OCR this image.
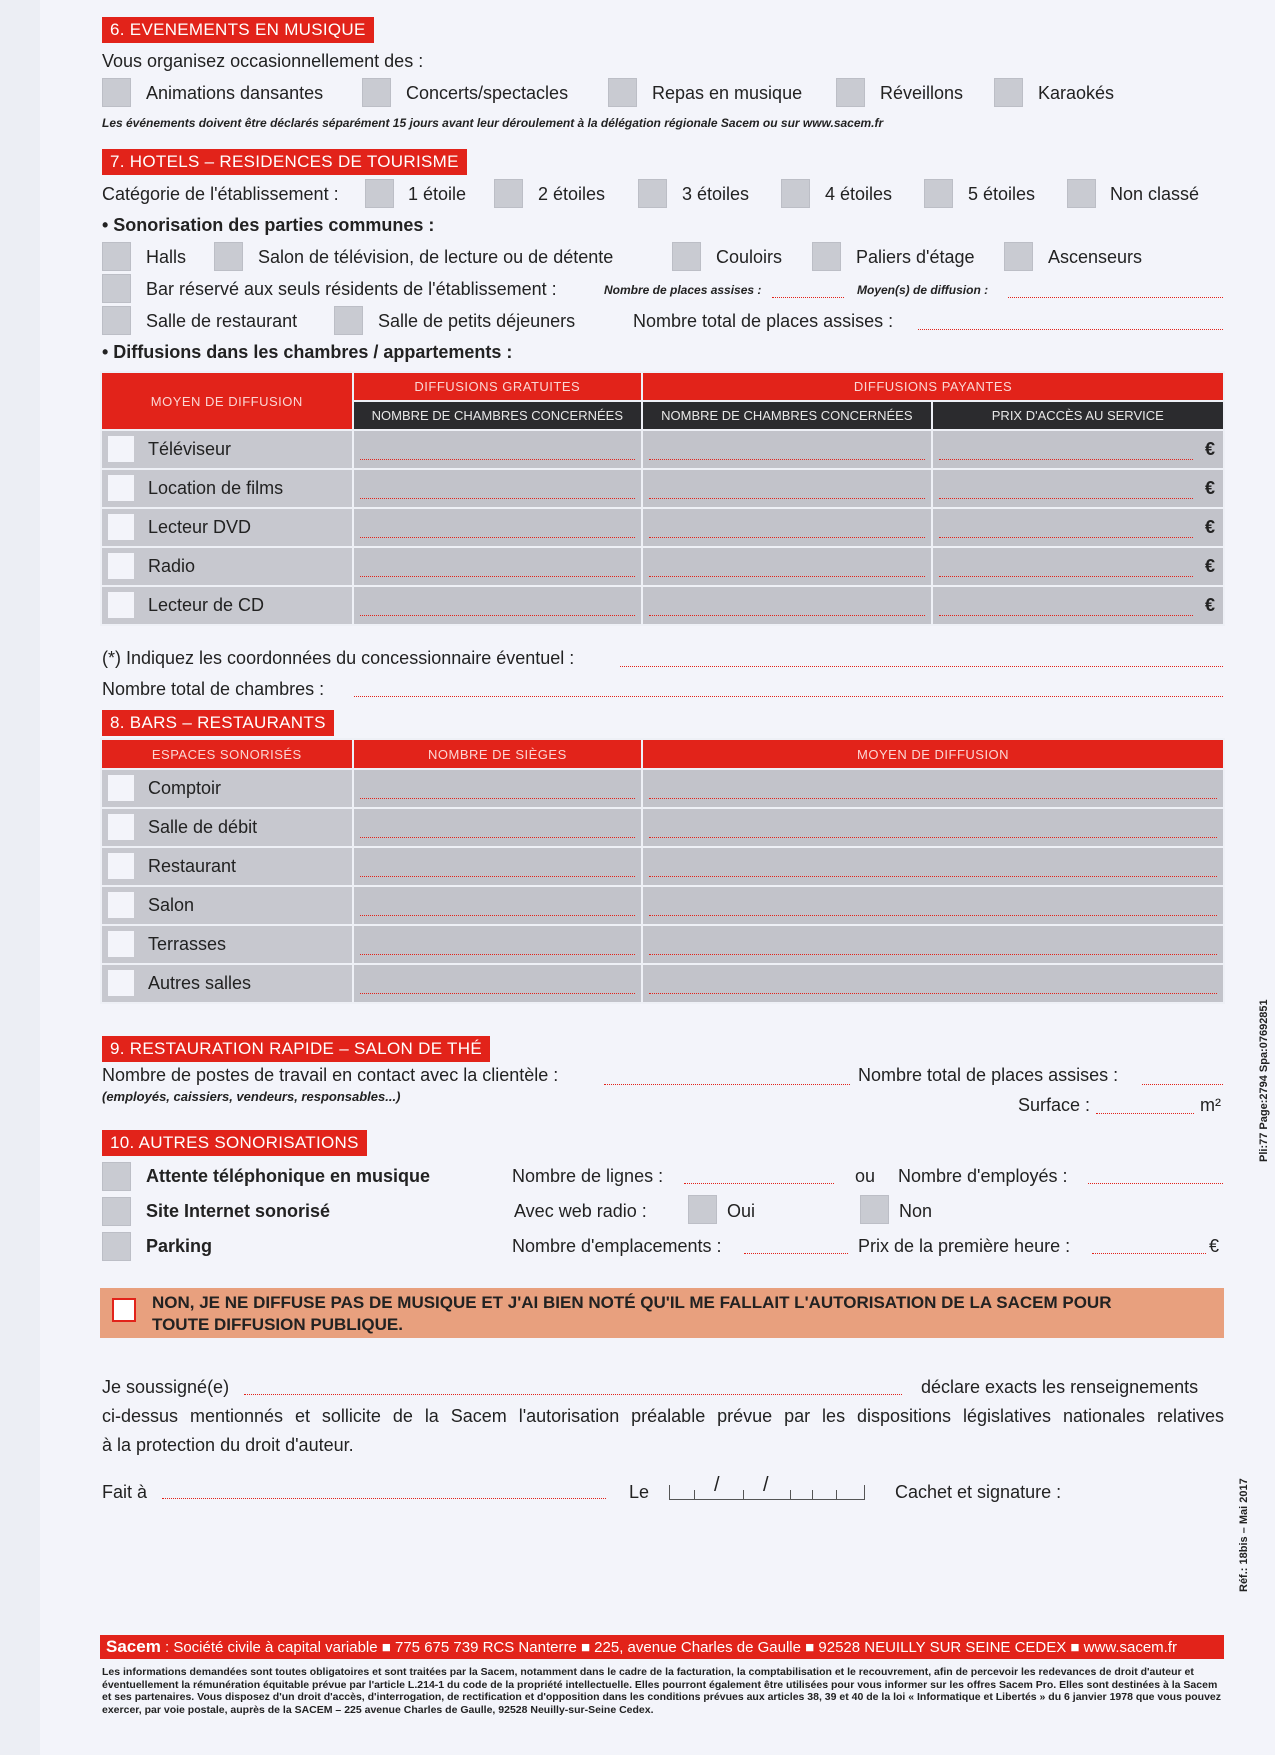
6. EVENEMENTS EN MUSIQUE
Vous organisez occasionnellement des :
Animations dansantes	Concerts/spectacles	Repas en musique	Réveillons	Karaokés
Les événements doivent être déclarés séparément 15 jours avant leur déroulement à la délégation régionale Sacem ou sur www.sacem.fr
7. HOTELS – RESIDENCES DE TOURISME
Catégorie de l'établissement :	1 étoile	2 étoiles	3 étoiles	4 étoiles	5 étoiles	Non classé
• Sonorisation des parties communes :
Halls	Salon de télévision, de lecture ou de détente	Couloirs	Paliers d'étage	Ascenseurs
Bar réservé aux seuls résidents de l'établissement :	Nombre de places assises :	Moyen(s) de diffusion :
Salle de restaurant	Salle de petits déjeuners	Nombre total de places assises :
• Diffusions dans les chambres / appartements :
MOYEN DE DIFFUSION	DIFFUSIONS GRATUITES	DIFFUSIONS PAYANTES	
	NOMBRE DE CHAMBRES CONCERNÉES	NOMBRE DE CHAMBRES CONCERNÉES	PRIX D'ACCÈS AU SERVICE

Téléviseur			€

Location de films			€

Lecteur DVD			€

Radio			€

Lecteur de CD			€
(*) Indiquez les coordonnées du concessionnaire éventuel :
Nombre total de chambres :
8. BARS – RESTAURANTS
ESPACES SONORISÉS	NOMBRE DE SIÈGES	MOYEN DE DIFFUSION

Comptoir		

Salle de débit		

Restaurant		

Salon		

Terrasses		

Autres salles		

9. RESTAURATION RAPIDE – SALON DE THÉ
Nombre de postes de travail en contact avec la clientèle :
(employés, caissiers, vendeurs, responsables...)
Nombre total de places assises :
Surface :	m²
10. AUTRES SONORISATIONS
Attente téléphonique en musique	Nombre de lignes :	ou Nombre d'employés :
Site Internet sonorisé	Avec web radio :	Oui	Non
Parking	Nombre d'emplacements :	Prix de la première heure :	€
NON, JE NE DIFFUSE PAS DE MUSIQUE ET J'AI BIEN NOTÉ QU'IL ME FALLAIT L'AUTORISATION DE LA SACEM POUR TOUTE DIFFUSION PUBLIQUE.
Je soussigné(e)	déclare exacts les renseignements
ci-dessus mentionnés et sollicite de la Sacem l'autorisation préalable prévue par les dispositions législatives nationales relatives
à la protection du droit d'auteur.
Fait à	Le	/ /	Cachet et signature :
Sacem : Société civile à capital variable ■ 775 675 739 RCS Nanterre ■ 225, avenue Charles de Gaulle ■ 92528 NEUILLY SUR SEINE CEDEX ■ www.sacem.fr
Les informations demandées sont toutes obligatoires et sont traitées par la Sacem, notamment dans le cadre de la facturation, la comptabilisation et le recouvrement, afin de percevoir les redevances de droit d'auteur et éventuellement la rémunération équitable prévue par l'article L.214-1 du code de la propriété intellectuelle. Elles pourront également être utilisées pour vous informer sur les offres Sacem Pro. Elles sont destinées à la Sacem et ses partenaires. Vous disposez d'un droit d'accès, d'interrogation, de rectification et d'opposition dans les conditions prévues aux articles 38, 39 et 40 de la loi « Informatique et Libertés » du 6 janvier 1978 que vous pouvez exercer, par voie postale, auprès de la SACEM – 225 avenue Charles de Gaulle, 92528 Neuilly-sur-Seine Cedex.
Pli:77 Page:2794 Spa:07692851
Réf.: 18bis – Mai 2017
